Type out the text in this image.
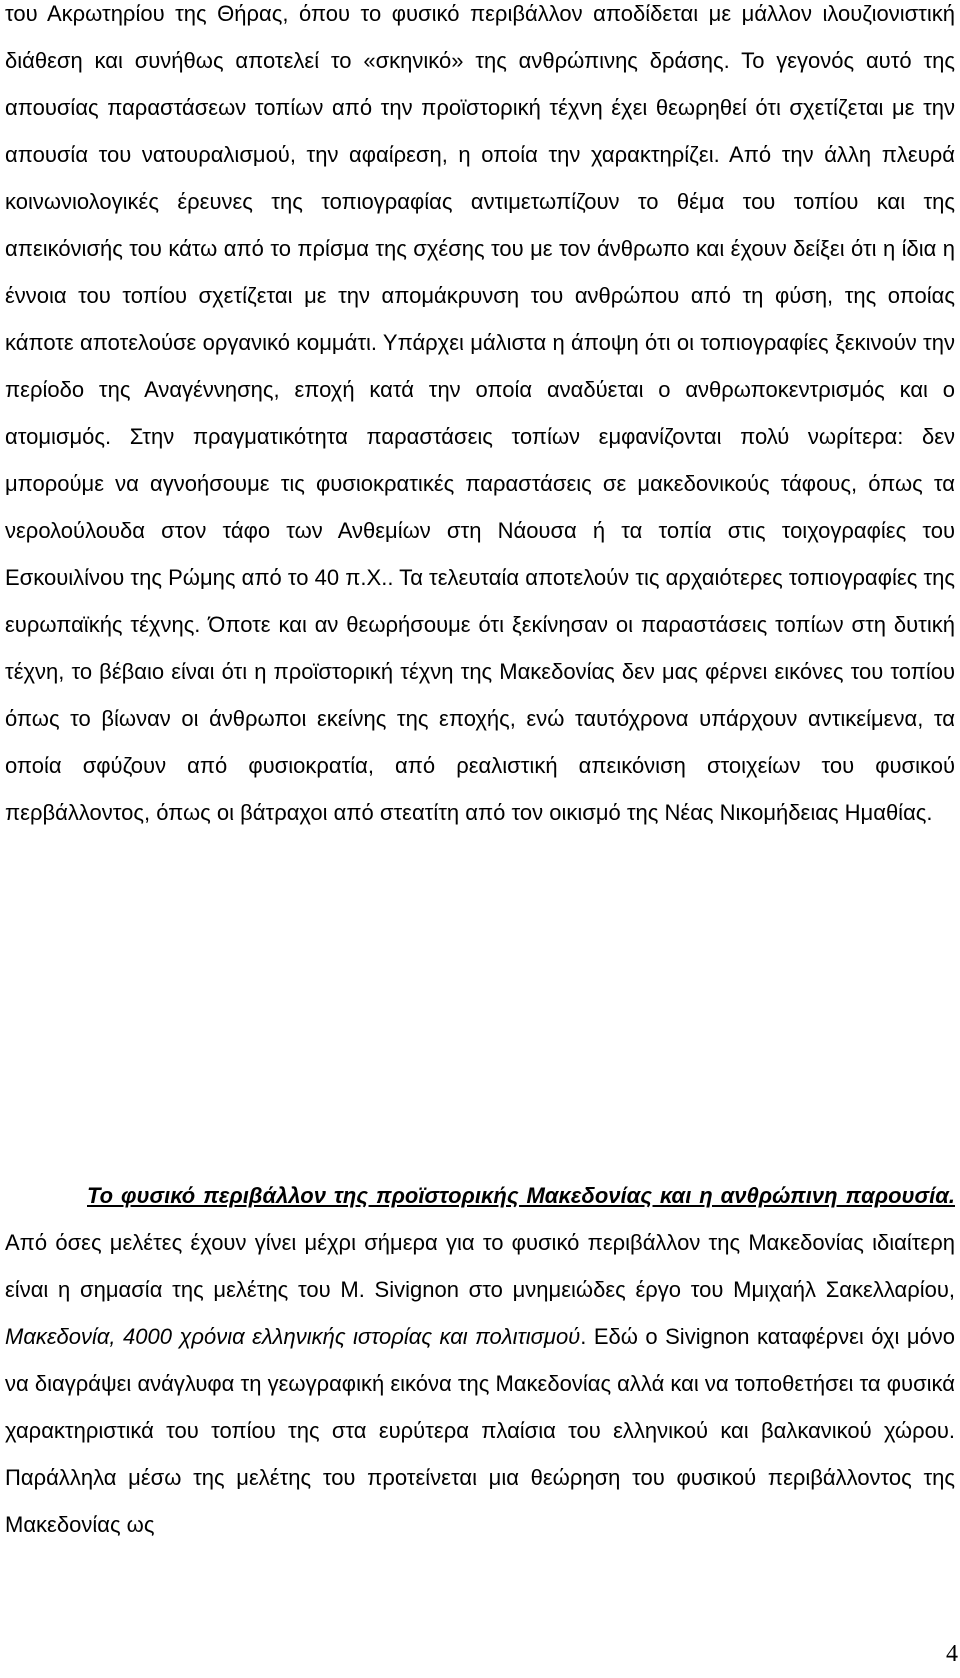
του Ακρωτηρίου της Θήρας, όπου το φυσικό περιβάλλον αποδίδεται με μάλλον ιλουζιονιστική διάθεση και συνήθως αποτελεί το «σκηνικό» της ανθρώπινης δράσης. Το γεγονός αυτό της απουσίας παραστάσεων τοπίων από την προϊστορική τέχνη έχει θεωρηθεί ότι σχετίζεται με την απουσία του νατουραλισμού, την αφαίρεση, η οποία την χαρακτηρίζει. Από την άλλη πλευρά κοινωνιολογικές έρευνες της τοπιογραφίας αντιμετωπίζουν το θέμα του τοπίου και της απεικόνισής του κάτω από το πρίσμα της σχέσης του με τον άνθρωπο και έχουν δείξει ότι η ίδια η έννοια του τοπίου σχετίζεται με την απομάκρυνση του ανθρώπου από τη φύση, της οποίας κάποτε αποτελούσε οργανικό κομμάτι. Υπάρχει μάλιστα η άποψη ότι οι τοπιογραφίες ξεκινούν την περίοδο της Αναγέννησης, εποχή κατά την οποία αναδύεται ο ανθρωποκεντρισμός και ο ατομισμός. Στην πραγματικότητα παραστάσεις τοπίων εμφανίζονται πολύ νωρίτερα: δεν μπορούμε να αγνοήσουμε τις φυσιοκρατικές παραστάσεις σε μακεδονικούς τάφους, όπως τα νερολούλουδα στον τάφο των Ανθεμίων στη Νάουσα ή τα τοπία στις τοιχογραφίες του Εσκουιλίνου της Ρώμης από το 40 π.Χ.. Τα τελευταία αποτελούν τις αρχαιότερες τοπιογραφίες της ευρωπαϊκής τέχνης. Όποτε και αν θεωρήσουμε ότι ξεκίνησαν οι παραστάσεις τοπίων στη δυτική τέχνη, το βέβαιο είναι ότι η προϊστορική τέχνη της Μακεδονίας δεν μας φέρνει εικόνες του τοπίου όπως το βίωναν οι άνθρωποι εκείνης της εποχής, ενώ ταυτόχρονα υπάρχουν αντικείμενα, τα οποία σφύζουν από φυσιοκρατία, από ρεαλιστική απεικόνιση στοιχείων του φυσικού περβάλλοντος, όπως οι βάτραχοι από στεατίτη από τον οικισμό της Νέας Νικομήδειας Ημαθίας.

Το φυσικό περιβάλλον της προϊστορικής Μακεδονίας και η ανθρώπινη παρουσία. Από όσες μελέτες έχουν γίνει μέχρι σήμερα για το φυσικό περιβάλλον της Μακεδονίας ιδιαίτερη είναι η σημασία της μελέτης του M. Sivignon στο μνημειώδες έργο του Μμιχαήλ Σακελλαρίου, Μακεδονία, 4000 χρόνια ελληνικής ιστορίας και πολιτισμού. Εδώ ο Sivignon καταφέρνει όχι μόνο να διαγράψει ανάγλυφα τη γεωγραφική εικόνα της Μακεδονίας αλλά και να τοποθετήσει τα φυσικά χαρακτηριστικά του τοπίου της στα ευρύτερα πλαίσια του ελληνικού και βαλκανικού χώρου. Παράλληλα μέσω της μελέτης του προτείνεται μια θεώρηση του φυσικού περιβάλλοντος της Μακεδονίας ως

4
